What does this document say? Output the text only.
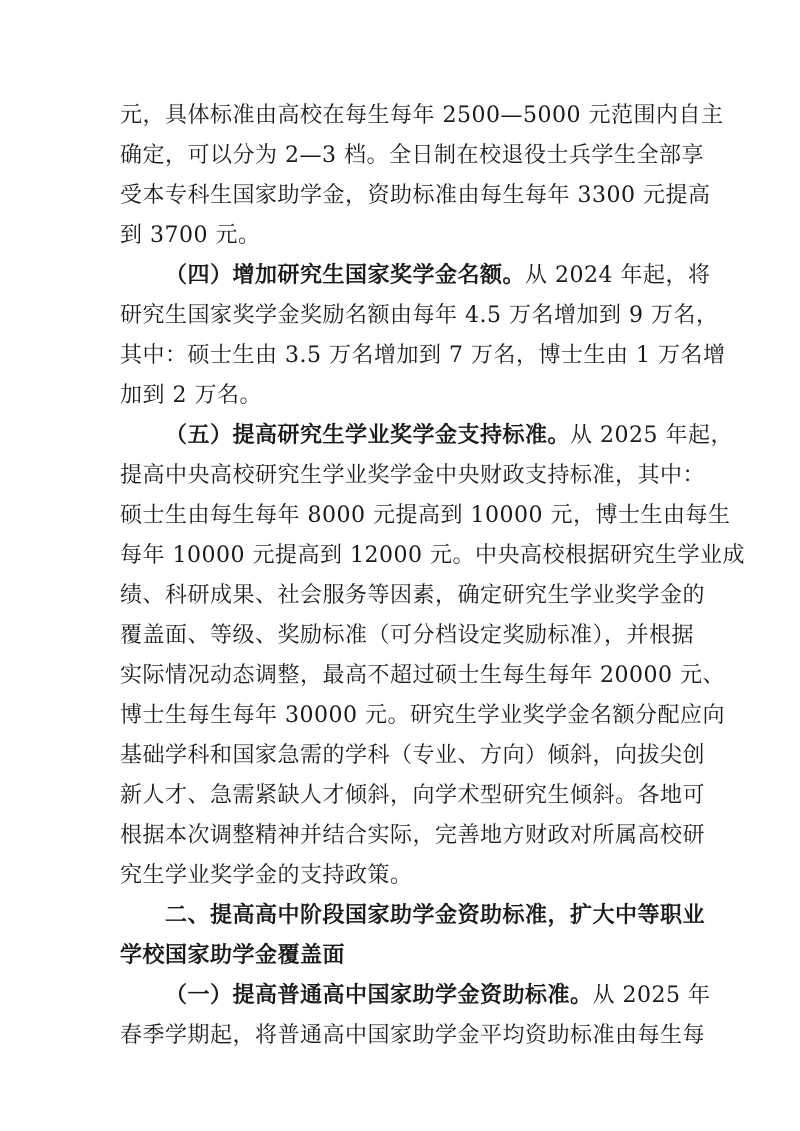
元，具体标准由高校在每生每年 2500—5000 元范围内自主
确定，可以分为 2—3 档。全日制在校退役士兵学生全部享
受本专科生国家助学金，资助标准由每生每年 3300 元提高
到 3700 元。
（四）增加研究生国家奖学金名额。从 2024 年起，将
研究生国家奖学金奖励名额由每年 4.5 万名增加到 9 万名，
其中：硕士生由 3.5 万名增加到 7 万名，博士生由 1 万名增
加到 2 万名。
（五）提高研究生学业奖学金支持标准。从 2025 年起，
提高中央高校研究生学业奖学金中央财政支持标准，其中：
硕士生由每生每年 8000 元提高到 10000 元，博士生由每生
每年 10000 元提高到 12000 元。中央高校根据研究生学业成
绩、科研成果、社会服务等因素，确定研究生学业奖学金的
覆盖面、等级、奖励标准（可分档设定奖励标准），并根据
实际情况动态调整，最高不超过硕士生每生每年 20000 元、
博士生每生每年 30000 元。研究生学业奖学金名额分配应向
基础学科和国家急需的学科（专业、方向）倾斜，向拔尖创
新人才、急需紧缺人才倾斜，向学术型研究生倾斜。各地可
根据本次调整精神并结合实际，完善地方财政对所属高校研
究生学业奖学金的支持政策。
二、提高高中阶段国家助学金资助标准，扩大中等职业
学校国家助学金覆盖面
（一）提高普通高中国家助学金资助标准。从 2025 年
春季学期起，将普通高中国家助学金平均资助标准由每生每
